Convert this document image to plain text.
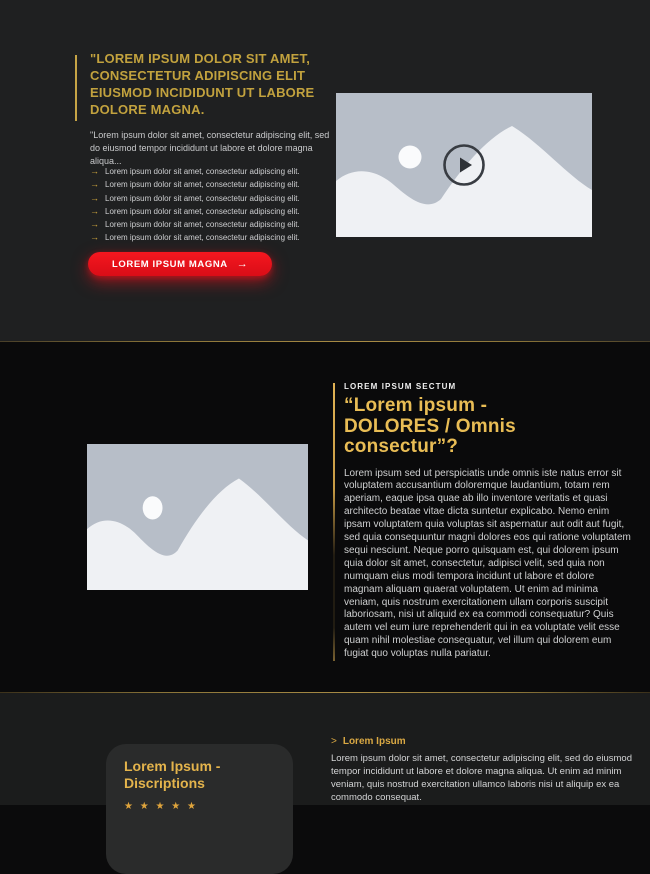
"LOREM IPSUM DOLOR SIT AMET,
CONSECTETUR ADIPISCING ELIT
EIUSMOD INCIDIDUNT UT LABORE
DOLORE MAGNA.

"Lorem ipsum dolor sit amet, consectetur adipiscing elit, sed do eiusmod tempor incididunt ut labore et dolore magna aliqua...

→ Lorem ipsum dolor sit amet, consectetur adipiscing elit.
→ Lorem ipsum dolor sit amet, consectetur adipiscing elit.
→ Lorem ipsum dolor sit amet, consectetur adipiscing elit.
→ Lorem ipsum dolor sit amet, consectetur adipiscing elit.
→ Lorem ipsum dolor sit amet, consectetur adipiscing elit.
→ Lorem ipsum dolor sit amet, consectetur adipiscing elit.
LOREM IPSUM MAGNA →
LOREM IPSUM SECTUM
“Lorem ipsum -
DOLORES / Omnis
consectur”?

Lorem ipsum sed ut perspiciatis unde omnis iste natus error sit voluptatem accusantium doloremque laudantium, totam rem aperiam, eaque ipsa quae ab illo inventore veritatis et quasi architecto beatae vitae dicta suntetur explicabo. Nemo enim ipsam voluptatem quia voluptas sit aspernatur aut odit aut fugit, sed quia consequuntur magni dolores eos qui ratione voluptatem sequi nesciunt. Neque porro quisquam est, qui dolorem ipsum quia dolor sit amet, consectetur, adipisci velit, sed quia non numquam eius modi tempora incidunt ut labore et dolore magnam aliquam quaerat voluptatem. Ut enim ad minima veniam, quis nostrum exercitationem ullam corporis suscipit laboriosam, nisi ut aliquid ex ea commodi consequatur? Quis autem vel eum iure reprehenderit qui in ea voluptate velit esse quam nihil molestiae consequatur, vel illum qui dolorem eum fugiat quo voluptas nulla pariatur.

Lorem Ipsum -
Discriptions
★ ★ ★ ★ ★
> Lorem Ipsum

Lorem ipsum dolor sit amet, consectetur adipiscing elit, sed do eiusmod tempor incididunt ut labore et dolore magna aliqua. Ut enim ad minim veniam, quis nostrud exercitation ullamco laboris nisi ut aliquip ex ea commodo consequat.
